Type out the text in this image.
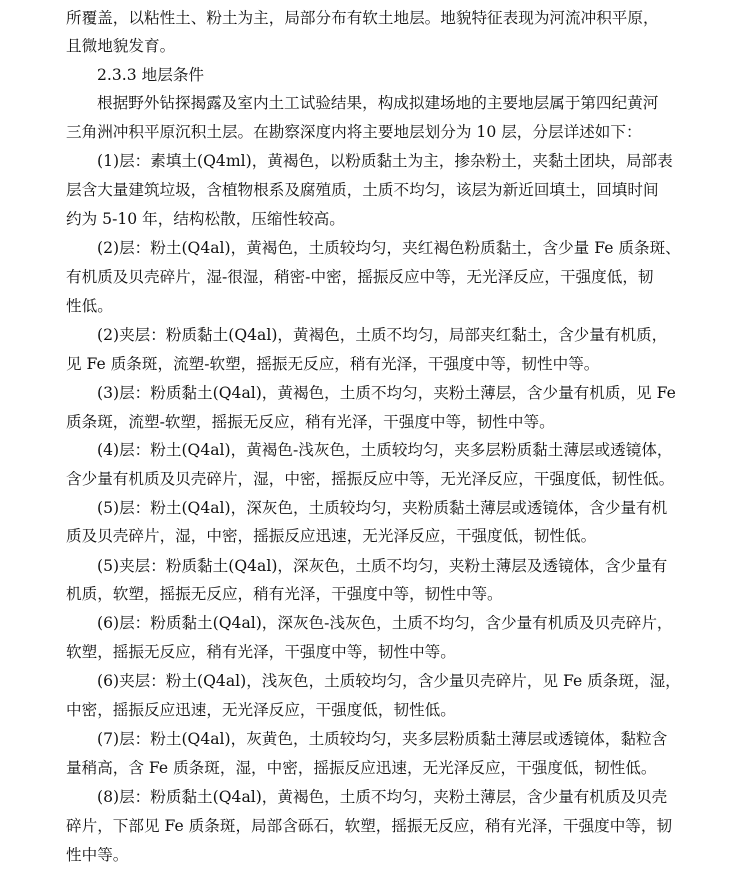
所覆盖，以粘性土、粉土为主，局部分布有软土地层。地貌特征表现为河流冲积平原，
且微地貌发育。
2.3.3 地层条件
根据野外钻探揭露及室内土工试验结果，构成拟建场地的主要地层属于第四纪黄河
三角洲冲积平原沉积土层。在勘察深度内将主要地层划分为 10 层，分层详述如下：
(1)层：素填土(Q4ml)，黄褐色，以粉质黏土为主，掺杂粉土，夹黏土团块，局部表
层含大量建筑垃圾，含植物根系及腐殖质，土质不均匀，该层为新近回填土，回填时间
约为 5-10 年，结构松散，压缩性较高。
(2)层：粉土(Q4al)，黄褐色，土质较均匀，夹红褐色粉质黏土，含少量 Fe 质条斑、
有机质及贝壳碎片，湿-很湿，稍密-中密，摇振反应中等，无光泽反应，干强度低，韧
性低。
(2)夹层：粉质黏土(Q4al)，黄褐色，土质不均匀，局部夹红黏土，含少量有机质，
见 Fe 质条斑，流塑-软塑，摇振无反应，稍有光泽，干强度中等，韧性中等。
(3)层：粉质黏土(Q4al)，黄褐色，土质不均匀，夹粉土薄层，含少量有机质，见 Fe
质条斑，流塑-软塑，摇振无反应，稍有光泽，干强度中等，韧性中等。
(4)层：粉土(Q4al)，黄褐色-浅灰色，土质较均匀，夹多层粉质黏土薄层或透镜体，
含少量有机质及贝壳碎片，湿，中密，摇振反应中等，无光泽反应，干强度低，韧性低。
(5)层：粉土(Q4al)，深灰色，土质较均匀，夹粉质黏土薄层或透镜体，含少量有机
质及贝壳碎片，湿，中密，摇振反应迅速，无光泽反应，干强度低，韧性低。
(5)夹层：粉质黏土(Q4al)，深灰色，土质不均匀，夹粉土薄层及透镜体，含少量有
机质，软塑，摇振无反应，稍有光泽，干强度中等，韧性中等。
(6)层：粉质黏土(Q4al)，深灰色-浅灰色，土质不均匀，含少量有机质及贝壳碎片，
软塑，摇振无反应，稍有光泽，干强度中等，韧性中等。
(6)夹层：粉土(Q4al)，浅灰色，土质较均匀，含少量贝壳碎片，见 Fe 质条斑，湿，
中密，摇振反应迅速，无光泽反应，干强度低，韧性低。
(7)层：粉土(Q4al)，灰黄色，土质较均匀，夹多层粉质黏土薄层或透镜体，黏粒含
量稍高，含 Fe 质条斑，湿，中密，摇振反应迅速，无光泽反应，干强度低，韧性低。
(8)层：粉质黏土(Q4al)，黄褐色，土质不均匀，夹粉土薄层，含少量有机质及贝壳
碎片，下部见 Fe 质条斑，局部含砾石，软塑，摇振无反应，稍有光泽，干强度中等，韧
性中等。
